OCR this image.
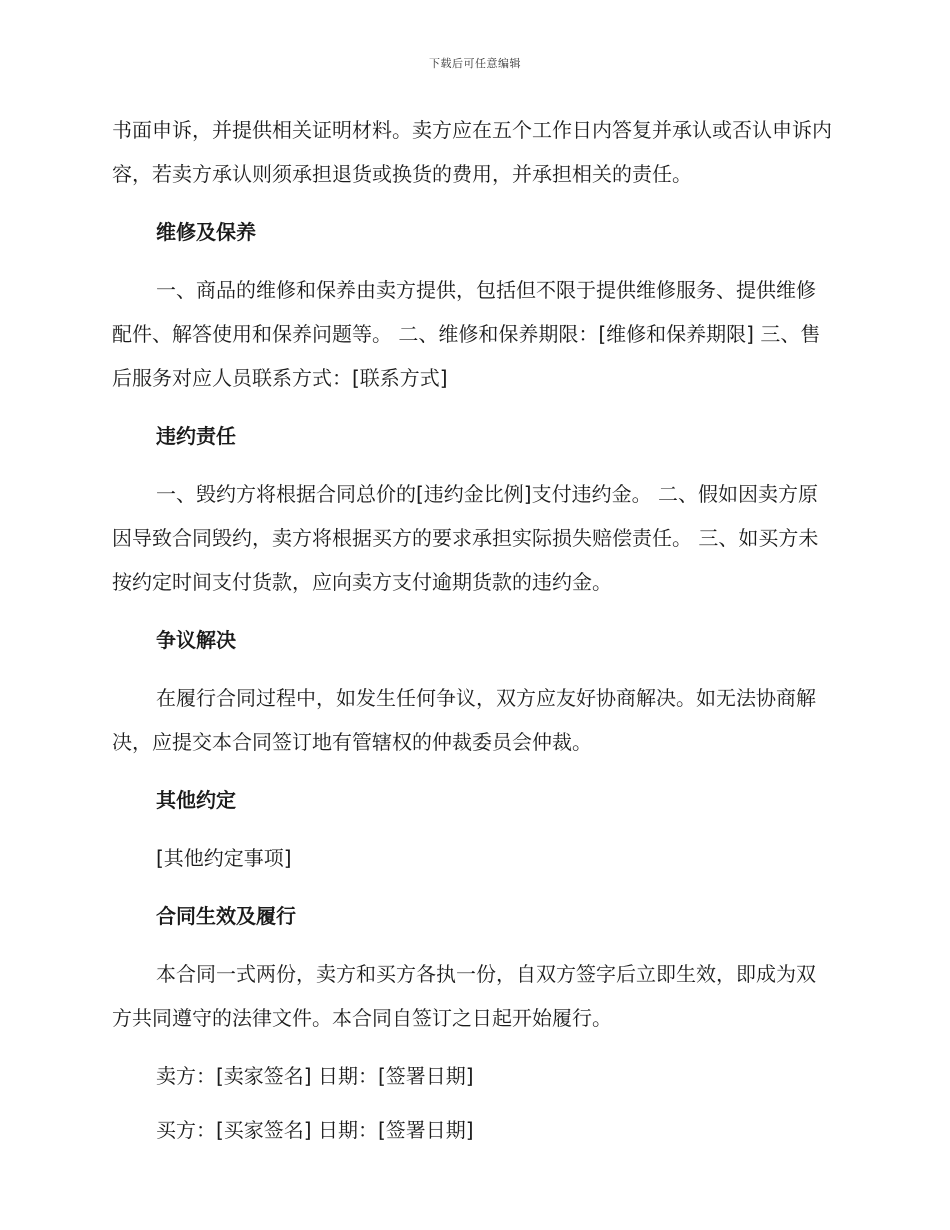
下载后可任意编辑

书面申诉，并提供相关证明材料。卖方应在五个工作日内答复并承认或否认申诉内容，若卖方承认则须承担退货或换货的费用，并承担相关的责任。

维修及保养

一、商品的维修和保养由卖方提供，包括但不限于提供维修服务、提供维修配件、解答使用和保养问题等。 二、维修和保养期限：[维修和保养期限] 三、售后服务对应人员联系方式：[联系方式]

违约责任

一、毁约方将根据合同总价的[违约金比例]支付违约金。 二、假如因卖方原因导致合同毁约，卖方将根据买方的要求承担实际损失赔偿责任。 三、如买方未按约定时间支付货款，应向卖方支付逾期货款的违约金。

争议解决

在履行合同过程中，如发生任何争议，双方应友好协商解决。如无法协商解决，应提交本合同签订地有管辖权的仲裁委员会仲裁。

其他约定

[其他约定事项]

合同生效及履行

本合同一式两份，卖方和买方各执一份，自双方签字后立即生效，即成为双方共同遵守的法律文件。本合同自签订之日起开始履行。

卖方：[卖家签名] 日期：[签署日期]
买方：[买家签名] 日期：[签署日期]
